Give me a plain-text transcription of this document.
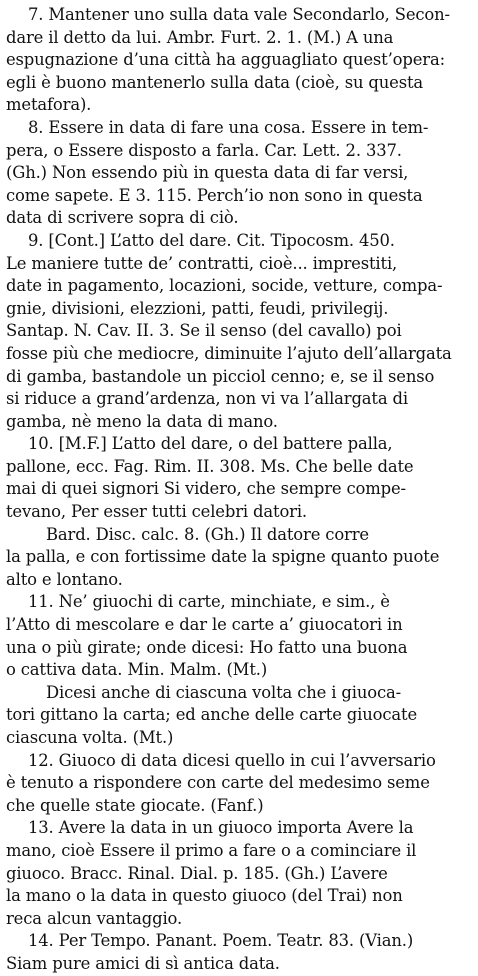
7. Mantener uno sulla data vale Secondarlo, Secon-
dare il detto da lui. Ambr. Furt. 2. 1. (M.) A una
espugnazione d’una città ha agguagliato quest’opera:
egli è buono mantenerlo sulla data (cioè, su questa
metafora).
8. Essere in data di fare una cosa. Essere in tem-
pera, o Essere disposto a farla. Car. Lett. 2. 337.
(Gh.) Non essendo più in questa data di far versi,
come sapete. E 3. 115. Perch’io non sono in questa
data di scrivere sopra di ciò.
9. [Cont.] L’atto del dare. Cit. Tipocosm. 450.
Le maniere tutte de’ contratti, cioè... imprestiti,
date in pagamento, locazioni, socide, vetture, compa-
gnie, divisioni, elezzioni, patti, feudi, privilegij.
Santap. N. Cav. II. 3. Se il senso (del cavallo) poi
fosse più che mediocre, diminuite l’ajuto dell’allargata
di gamba, bastandole un picciol cenno; e, se il senso
si riduce a grand’ardenza, non vi va l’allargata di
gamba, nè meno la data di mano.
10. [M.F.] L’atto del dare, o del battere palla,
pallone, ecc. Fag. Rim. II. 308. Ms. Che belle date
mai di quei signori Si videro, che sempre compe-
tevano, Per esser tutti celebri datori.
Bard. Disc. calc. 8. (Gh.) Il datore corre
la palla, e con fortissime date la spigne quanto puote
alto e lontano.
11. Ne’ giuochi di carte, minchiate, e sim., è
l’Atto di mescolare e dar le carte a’ giuocatori in
una o più girate; onde dicesi: Ho fatto una buona
o cattiva data. Min. Malm. (Mt.)
Dicesi anche di ciascuna volta che i giuoca-
tori gittano la carta; ed anche delle carte giuocate
ciascuna volta. (Mt.)
12. Giuoco di data dicesi quello in cui l’avversario
è tenuto a rispondere con carte del medesimo seme
che quelle state giocate. (Fanf.)
13. Avere la data in un giuoco importa Avere la
mano, cioè Essere il primo a fare o a cominciare il
giuoco. Bracc. Rinal. Dial. p. 185. (Gh.) L’avere
la mano o la data in questo giuoco (del Trai) non
reca alcun vantaggio.
14. Per Tempo. Panant. Poem. Teatr. 83. (Vian.)
Siam pure amici di sì antica data.
